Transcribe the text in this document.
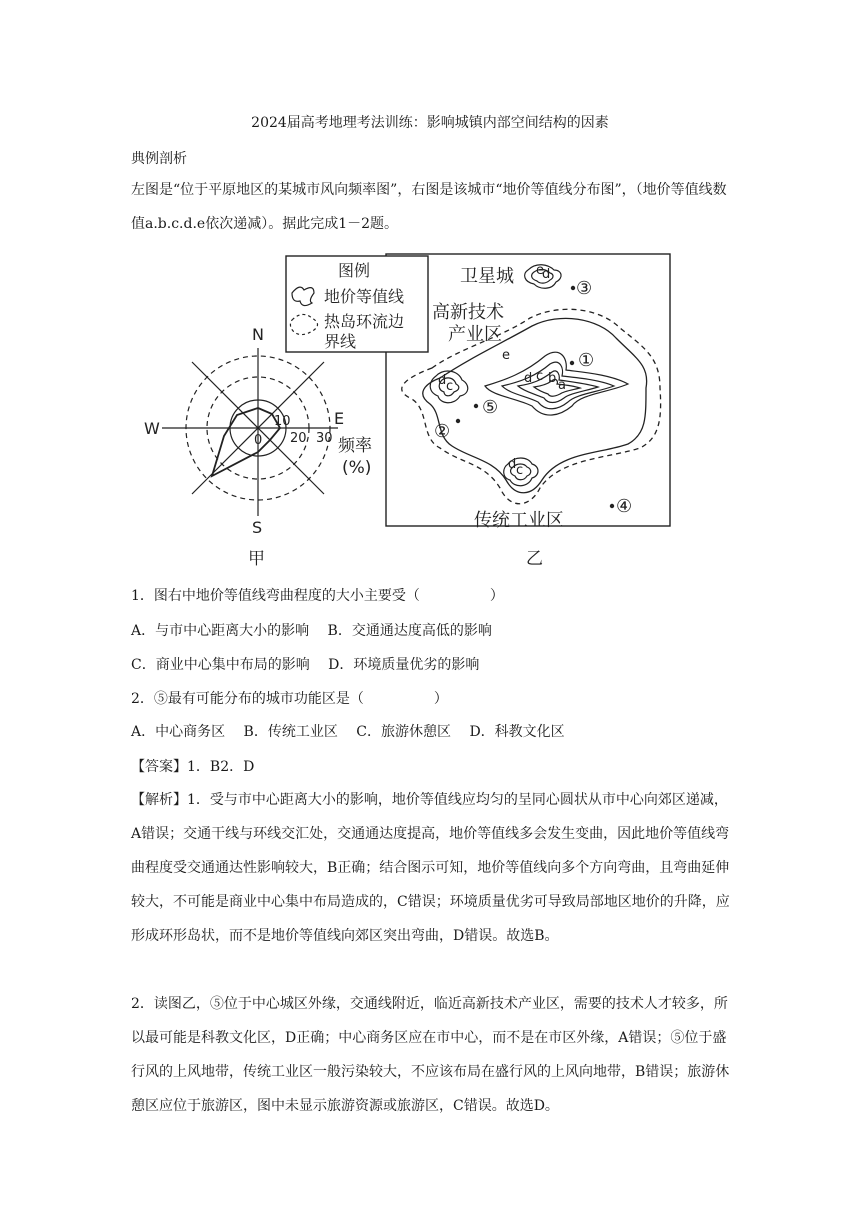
2024届高考地理考法训练：影响城镇内部空间结构的因素
典例剖析

左图是“位于平原地区的某城市风向频率图”，右图是该城市“地价等值线分布图”，（地价等值线数值a.b.c.d.e依次递减）。据此完成1－2题。

N
S
W
E
0
10
20 30 频率
(%)
甲
图例
地价等值线
热岛环流边
界线
卫星城
高新技术
产业区
传统工业区
③
①
⑤
②
④
e
d
d c
e
d c b a
d c
乙
1．图右中地价等值线弯曲程度的大小主要受（　　　　　）
A．与市中心距离大小的影响　 B．交通通达度高低的影响
C．商业中心集中布局的影响　 D．环境质量优劣的影响
2．⑤最有可能分布的城市功能区是（　　　　　）
A．中心商务区　 B．传统工业区　 C．旅游休憩区　 D．科教文化区
【答案】1．B2．D

【解析】1．受与市中心距离大小的影响，地价等值线应均匀的呈同心圆状从市中心向郊区递减，A错误；交通干线与环线交汇处，交通通达度提高，地价等值线多会发生变曲，因此地价等值线弯曲程度受交通通达性影响较大，B正确；结合图示可知，地价等值线向多个方向弯曲，且弯曲延伸较大，不可能是商业中心集中布局造成的，C错误；环境质量优劣可导致局部地区地价的升降，应形成环形岛状，而不是地价等值线向郊区突出弯曲，D错误。故选B。

2．读图乙，⑤位于中心城区外缘，交通线附近，临近高新技术产业区，需要的技术人才较多，所以最可能是科教文化区，D正确；中心商务区应在市中心，而不是在市区外缘，A错误；⑤位于盛行风的上风地带，传统工业区一般污染较大，不应该布局在盛行风的上风向地带，B错误；旅游休憩区应位于旅游区，图中未显示旅游资源或旅游区，C错误。故选D。
